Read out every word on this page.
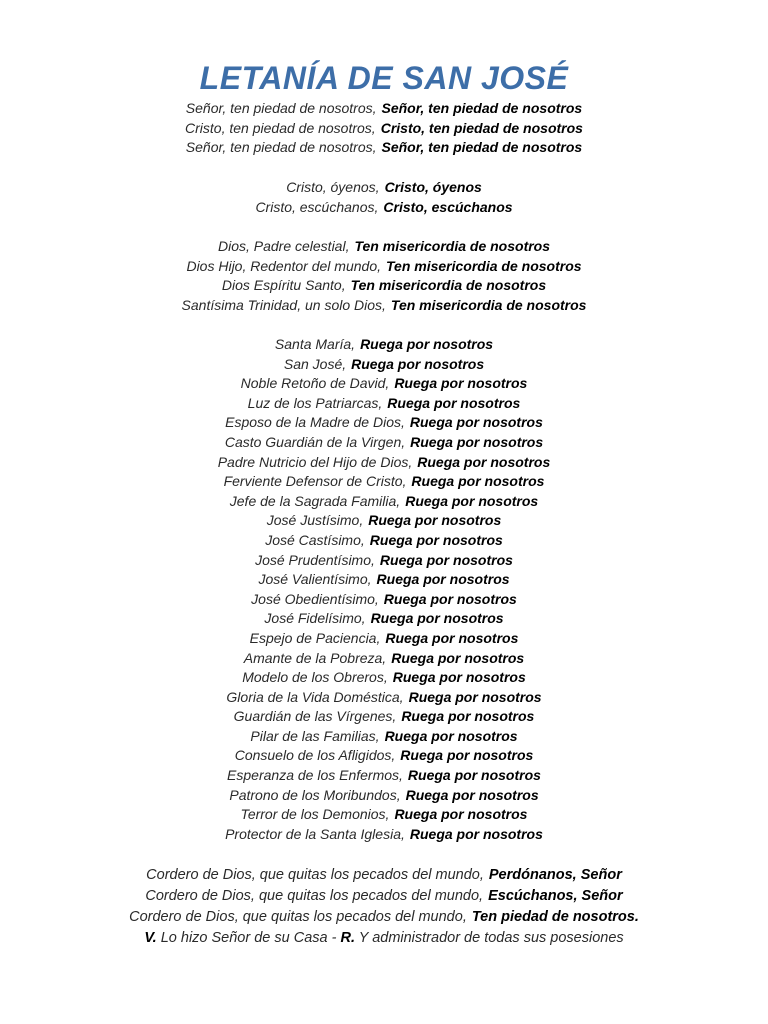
LETANÍA DE SAN JOSÉ
Señor, ten piedad de nosotros, Señor, ten piedad de nosotros
Cristo, ten piedad de nosotros, Cristo, ten piedad de nosotros
Señor, ten piedad de nosotros, Señor, ten piedad de nosotros
Cristo, óyenos, Cristo, óyenos
Cristo, escúchanos, Cristo, escúchanos
Dios, Padre celestial, Ten misericordia de nosotros
Dios Hijo, Redentor del mundo, Ten misericordia de nosotros
Dios Espíritu Santo, Ten misericordia de nosotros
Santísima Trinidad, un solo Dios, Ten misericordia de nosotros
Santa María, Ruega por nosotros
San José, Ruega por nosotros
Noble Retoño de David, Ruega por nosotros
Luz de los Patriarcas, Ruega por nosotros
Esposo de la Madre de Dios, Ruega por nosotros
Casto Guardián de la Virgen, Ruega por nosotros
Padre Nutricio del Hijo de Dios, Ruega por nosotros
Ferviente Defensor de Cristo, Ruega por nosotros
Jefe de la Sagrada Familia, Ruega por nosotros
José Justísimo, Ruega por nosotros
José Castísimo, Ruega por nosotros
José Prudentísimo, Ruega por nosotros
José Valientísimo, Ruega por nosotros
José Obedientísimo, Ruega por nosotros
José Fidelísimo, Ruega por nosotros
Espejo de Paciencia, Ruega por nosotros
Amante de la Pobreza, Ruega por nosotros
Modelo de los Obreros, Ruega por nosotros
Gloria de la Vida Doméstica, Ruega por nosotros
Guardián de las Vírgenes, Ruega por nosotros
Pilar de las Familias, Ruega por nosotros
Consuelo de los Afligidos, Ruega por nosotros
Esperanza de los Enfermos, Ruega por nosotros
Patrono de los Moribundos, Ruega por nosotros
Terror de los Demonios, Ruega por nosotros
Protector de la Santa Iglesia, Ruega por nosotros
Cordero de Dios, que quitas los pecados del mundo, Perdónanos, Señor
Cordero de Dios, que quitas los pecados del mundo, Escúchanos, Señor
Cordero de Dios, que quitas los pecados del mundo, Ten piedad de nosotros.
V. Lo hizo Señor de su Casa - R. Y administrador de todas sus posesiones
